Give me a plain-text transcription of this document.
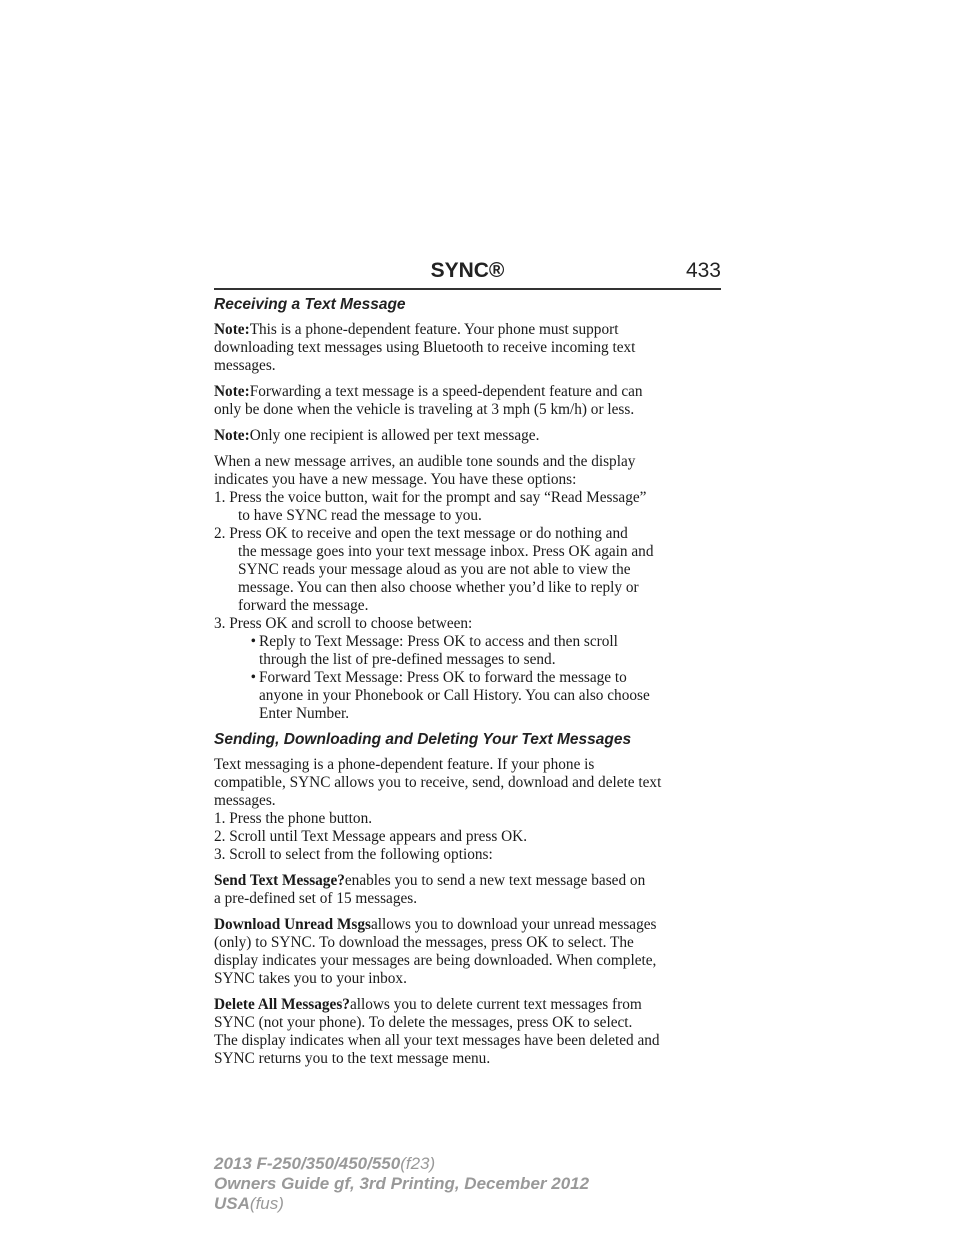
SYNC®	433
Receiving a Text Message
Note:This is a phone-dependent feature. Your phone must support
downloading text messages using Bluetooth to receive incoming text
messages.
Note:Forwarding a text message is a speed-dependent feature and can
only be done when the vehicle is traveling at 3 mph (5 km/h) or less.
Note:Only one recipient is allowed per text message.
When a new message arrives, an audible tone sounds and the display
indicates you have a new message. You have these options:
1. Press the voice button, wait for the prompt and say “Read Message”
to have SYNC read the message to you.
2. Press OK to receive and open the text message or do nothing and
the message goes into your text message inbox. Press OK again and
SYNC reads your message aloud as you are not able to view the
message. You can then also choose whether you’d like to reply or
forward the message.
3. Press OK and scroll to choose between:
• Reply to Text Message: Press OK to access and then scroll
through the list of pre-defined messages to send.
• Forward Text Message: Press OK to forward the message to
anyone in your Phonebook or Call History. You can also choose
Enter Number.
Sending, Downloading and Deleting Your Text Messages
Text messaging is a phone-dependent feature. If your phone is
compatible, SYNC allows you to receive, send, download and delete text
messages.
1. Press the phone button.
2. Scroll until Text Message appears and press OK.
3. Scroll to select from the following options:
Send Text Message?enables you to send a new text message based on
a pre-defined set of 15 messages.
Download Unread Msgsallows you to download your unread messages
(only) to SYNC. To download the messages, press OK to select. The
display indicates your messages are being downloaded. When complete,
SYNC takes you to your inbox.
Delete All Messages?allows you to delete current text messages from
SYNC (not your phone). To delete the messages, press OK to select.
The display indicates when all your text messages have been deleted and
SYNC returns you to the text message menu.
2013 F-250/350/450/550(f23)
Owners Guide gf, 3rd Printing, December 2012
USA(fus)
